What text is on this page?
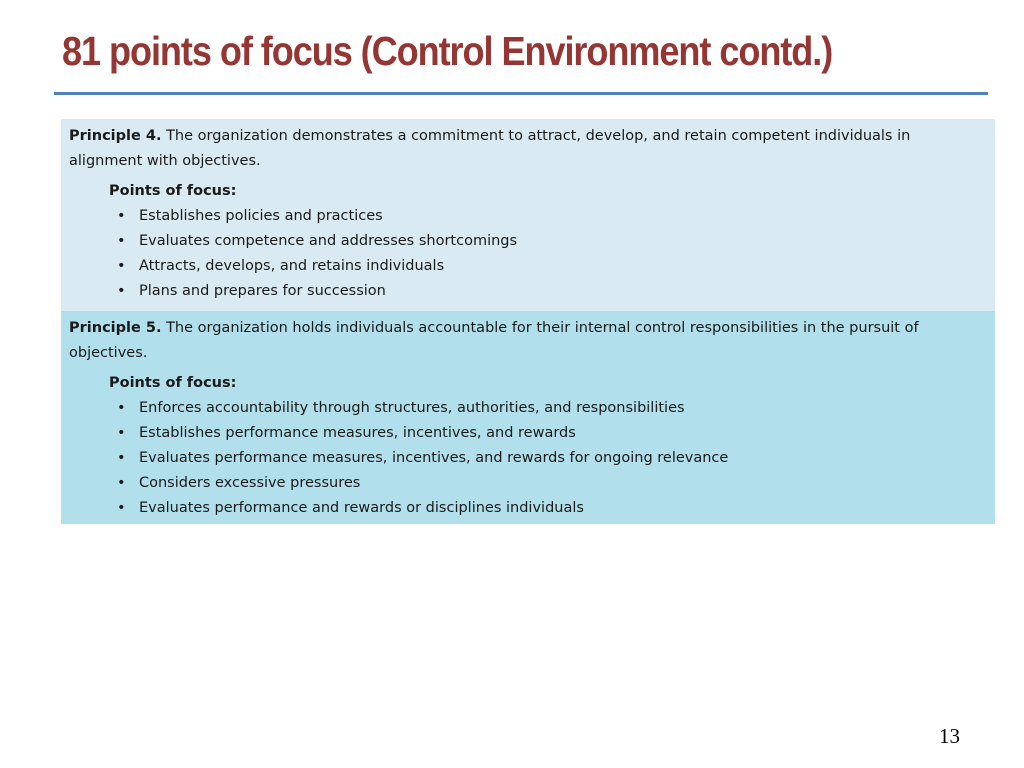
81 points of focus (Control Environment contd.)

Principle 4. The organization demonstrates a commitment to attract, develop, and retain competent individuals in alignment with objectives.

Points of focus:
• Establishes policies and practices
• Evaluates competence and addresses shortcomings
• Attracts, develops, and retains individuals
• Plans and prepares for succession

Principle 5. The organization holds individuals accountable for their internal control responsibilities in the pursuit of objectives.

Points of focus:
• Enforces accountability through structures, authorities, and responsibilities
• Establishes performance measures, incentives, and rewards
• Evaluates performance measures, incentives, and rewards for ongoing relevance
• Considers excessive pressures
• Evaluates performance and rewards or disciplines individuals
13
